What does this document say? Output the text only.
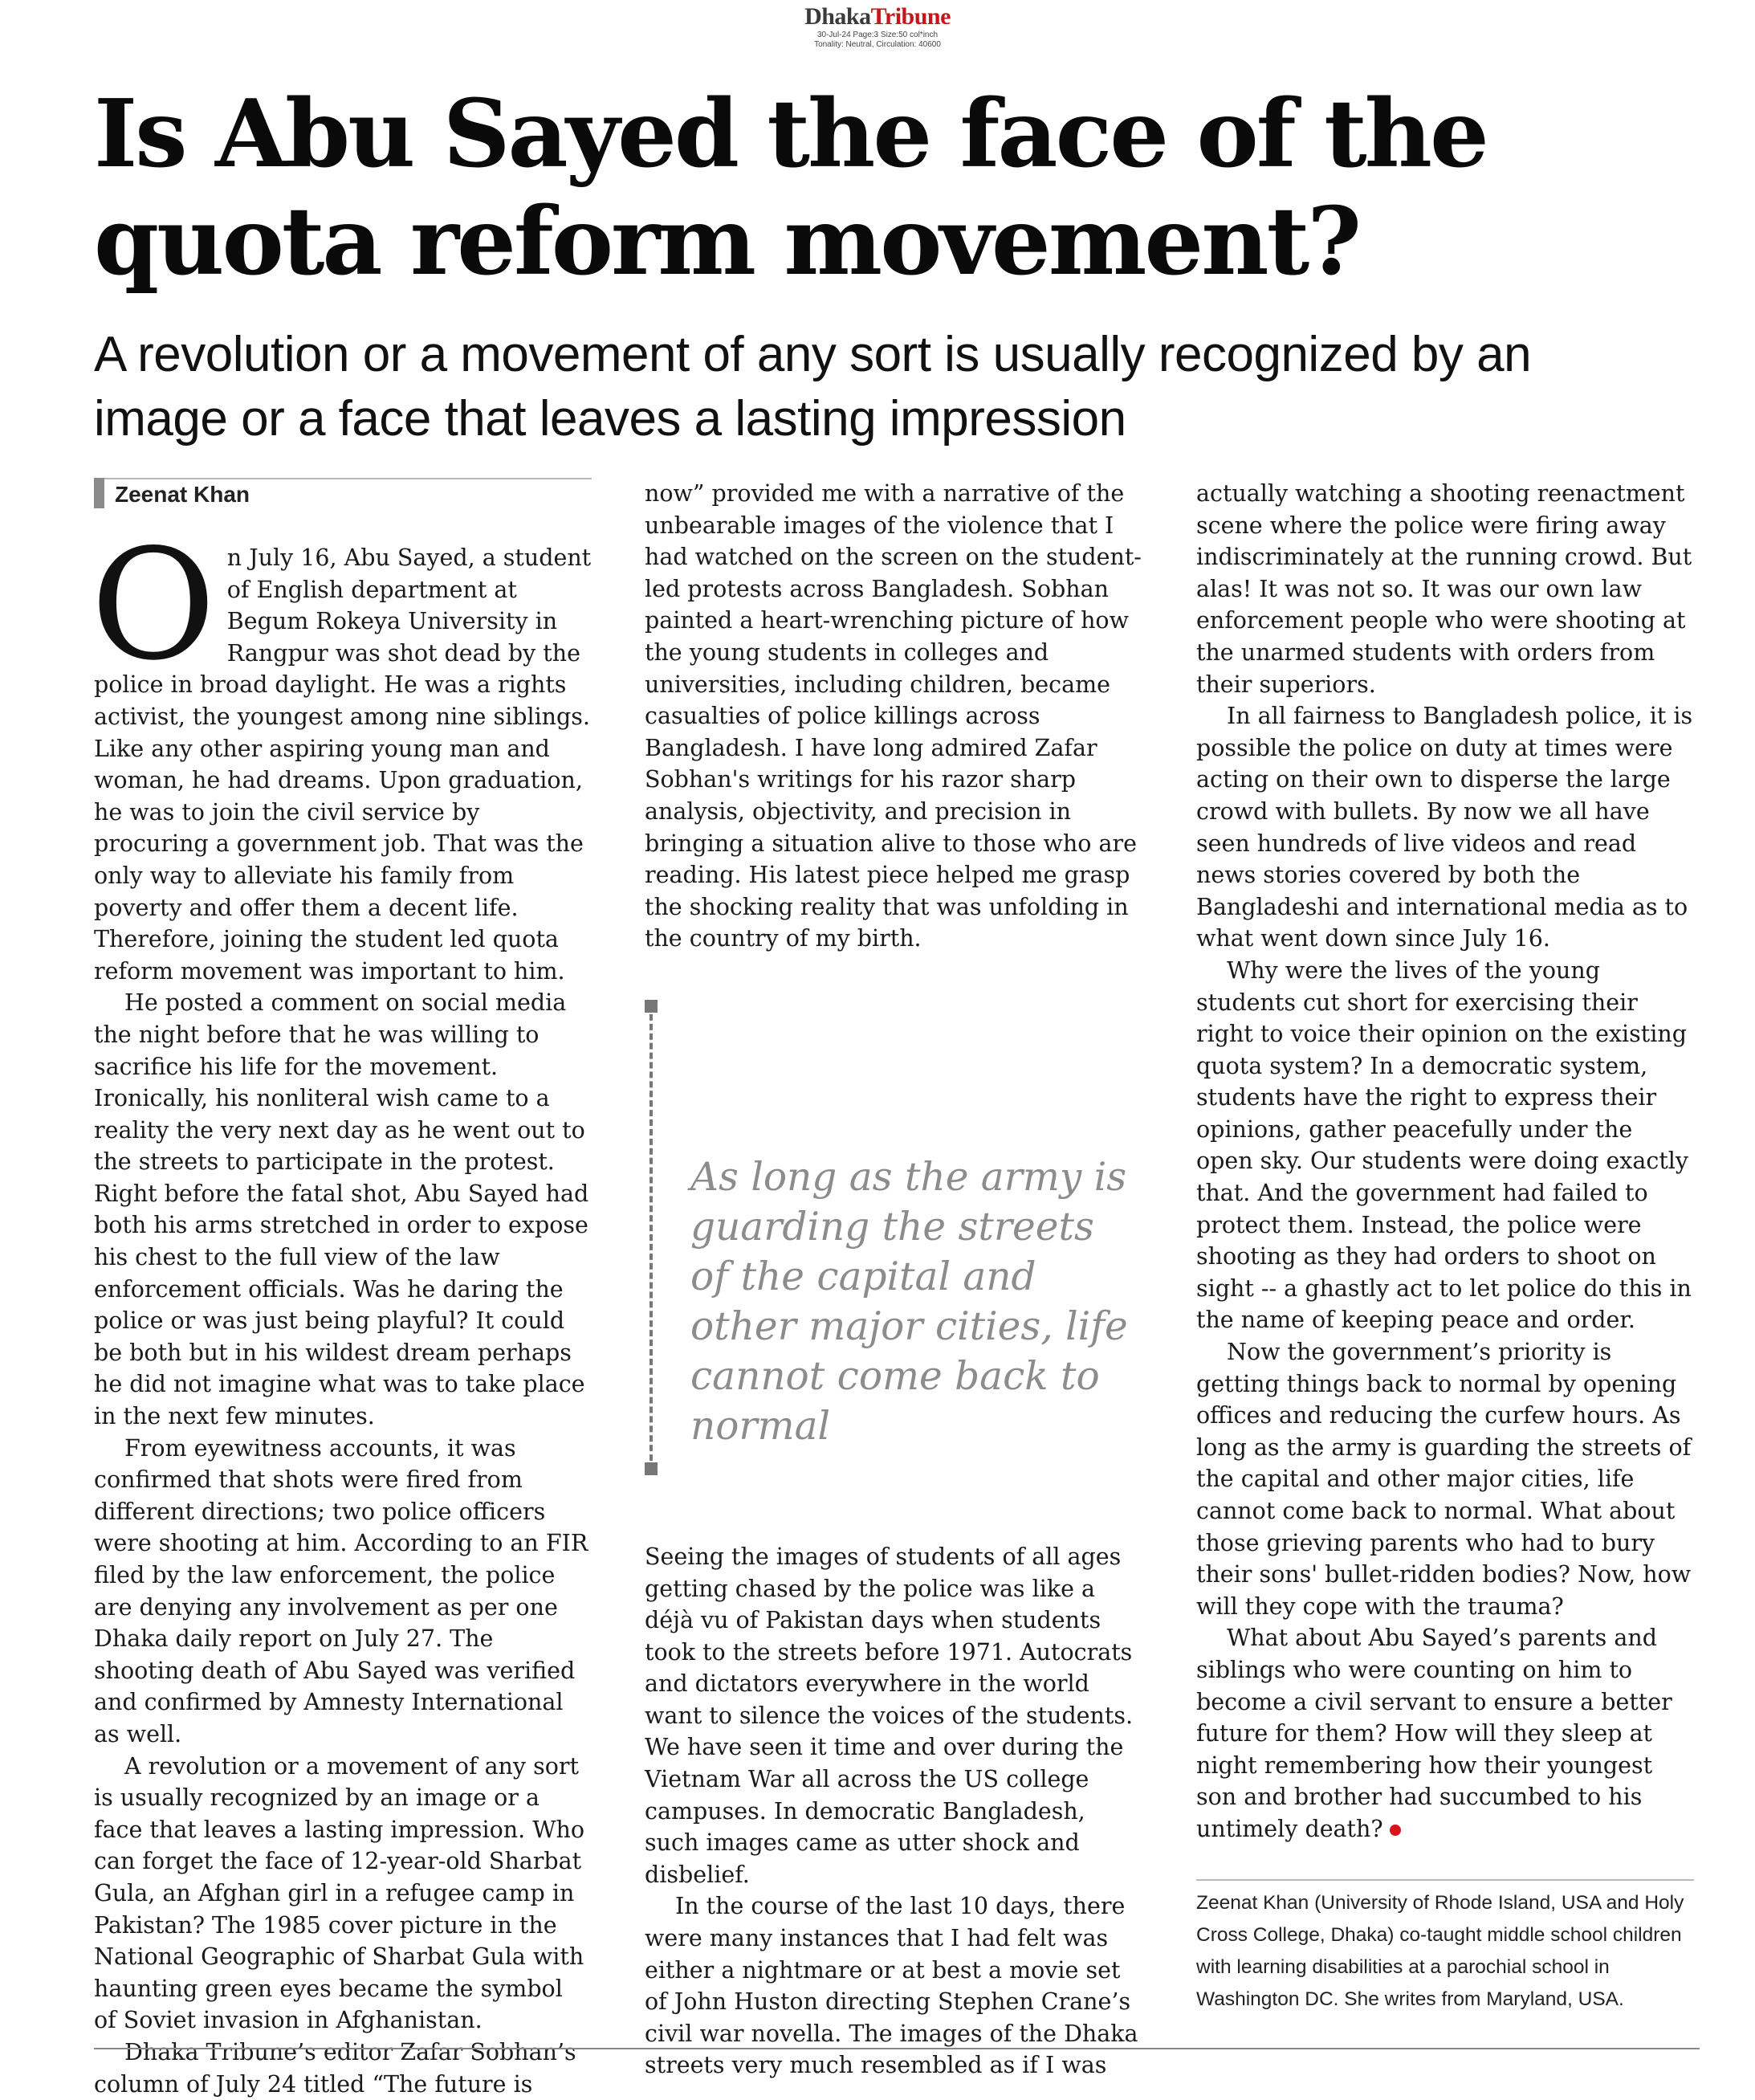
DhakaTribune
30-Jul-24 Page:3 Size:50 col*inch
Tonality: Neutral, Circulation: 40600
Is Abu Sayed the face of the quota reform movement?
A revolution or a movement of any sort is usually recognized by an image or a face that leaves a lasting impression
Zeenat Khan

On July 16, Abu Sayed, a student of English department at Begum Rokeya University in Rangpur was shot dead by the police in broad daylight. He was a rights activist, the youngest among nine siblings. Like any other aspiring young man and woman, he had dreams. Upon graduation, he was to join the civil service by procuring a government job. That was the only way to alleviate his family from poverty and offer them a decent life. Therefore, joining the student led quota reform movement was important to him.

He posted a comment on social media the night before that he was willing to sacrifice his life for the movement. Ironically, his nonliteral wish came to a reality the very next day as he went out to the streets to participate in the protest. Right before the fatal shot, Abu Sayed had both his arms stretched in order to expose his chest to the full view of the law enforcement officials. Was he daring the police or was just being playful? It could be both but in his wildest dream perhaps he did not imagine what was to take place in the next few minutes.

From eyewitness accounts, it was confirmed that shots were fired from different directions; two police officers were shooting at him. According to an FIR filed by the law enforcement, the police are denying any involvement as per one Dhaka daily report on July 27. The shooting death of Abu Sayed was verified and confirmed by Amnesty International as well.

A revolution or a movement of any sort is usually recognized by an image or a face that leaves a lasting impression. Who can forget the face of 12-year-old Sharbat Gula, an Afghan girl in a refugee camp in Pakistan? The 1985 cover picture in the National Geographic of Sharbat Gula with haunting green eyes became the symbol of Soviet invasion in Afghanistan.

Dhaka Tribune’s editor Zafar Sobhan’s column of July 24 titled “The future is

now” provided me with a narrative of the unbearable images of the violence that I had watched on the screen on the student-led protests across Bangladesh. Sobhan painted a heart-wrenching picture of how the young students in colleges and universities, including children, became casualties of police killings across Bangladesh. I have long admired Zafar Sobhan's writings for his razor sharp analysis, objectivity, and precision in bringing a situation alive to those who are reading. His latest piece helped me grasp the shocking reality that was unfolding in the country of my birth.

As long as the army is guarding the streets of the capital and other major cities, life cannot come back to normal

Seeing the images of students of all ages getting chased by the police was like a déjà vu of Pakistan days when students took to the streets before 1971. Autocrats and dictators everywhere in the world want to silence the voices of the students. We have seen it time and over during the Vietnam War all across the US college campuses. In democratic Bangladesh, such images came as utter shock and disbelief.

In the course of the last 10 days, there were many instances that I had felt was either a nightmare or at best a movie set of John Huston directing Stephen Crane’s civil war novella. The images of the Dhaka streets very much resembled as if I was

actually watching a shooting reenactment scene where the police were firing away indiscriminately at the running crowd. But alas! It was not so. It was our own law enforcement people who were shooting at the unarmed students with orders from their superiors.

In all fairness to Bangladesh police, it is possible the police on duty at times were acting on their own to disperse the large crowd with bullets. By now we all have seen hundreds of live videos and read news stories covered by both the Bangladeshi and international media as to what went down since July 16.

Why were the lives of the young students cut short for exercising their right to voice their opinion on the existing quota system? In a democratic system, students have the right to express their opinions, gather peacefully under the open sky. Our students were doing exactly that. And the government had failed to protect them. Instead, the police were shooting as they had orders to shoot on sight -- a ghastly act to let police do this in the name of keeping peace and order.

Now the government’s priority is getting things back to normal by opening offices and reducing the curfew hours. As long as the army is guarding the streets of the capital and other major cities, life cannot come back to normal. What about those grieving parents who had to bury their sons' bullet-ridden bodies? Now, how will they cope with the trauma?

What about Abu Sayed’s parents and siblings who were counting on him to become a civil servant to ensure a better future for them? How will they sleep at night remembering how their youngest son and brother had succumbed to his untimely death?

Zeenat Khan (University of Rhode Island, USA and Holy Cross College, Dhaka) co-taught middle school children with learning disabilities at a parochial school in Washington DC. She writes from Maryland, USA.
